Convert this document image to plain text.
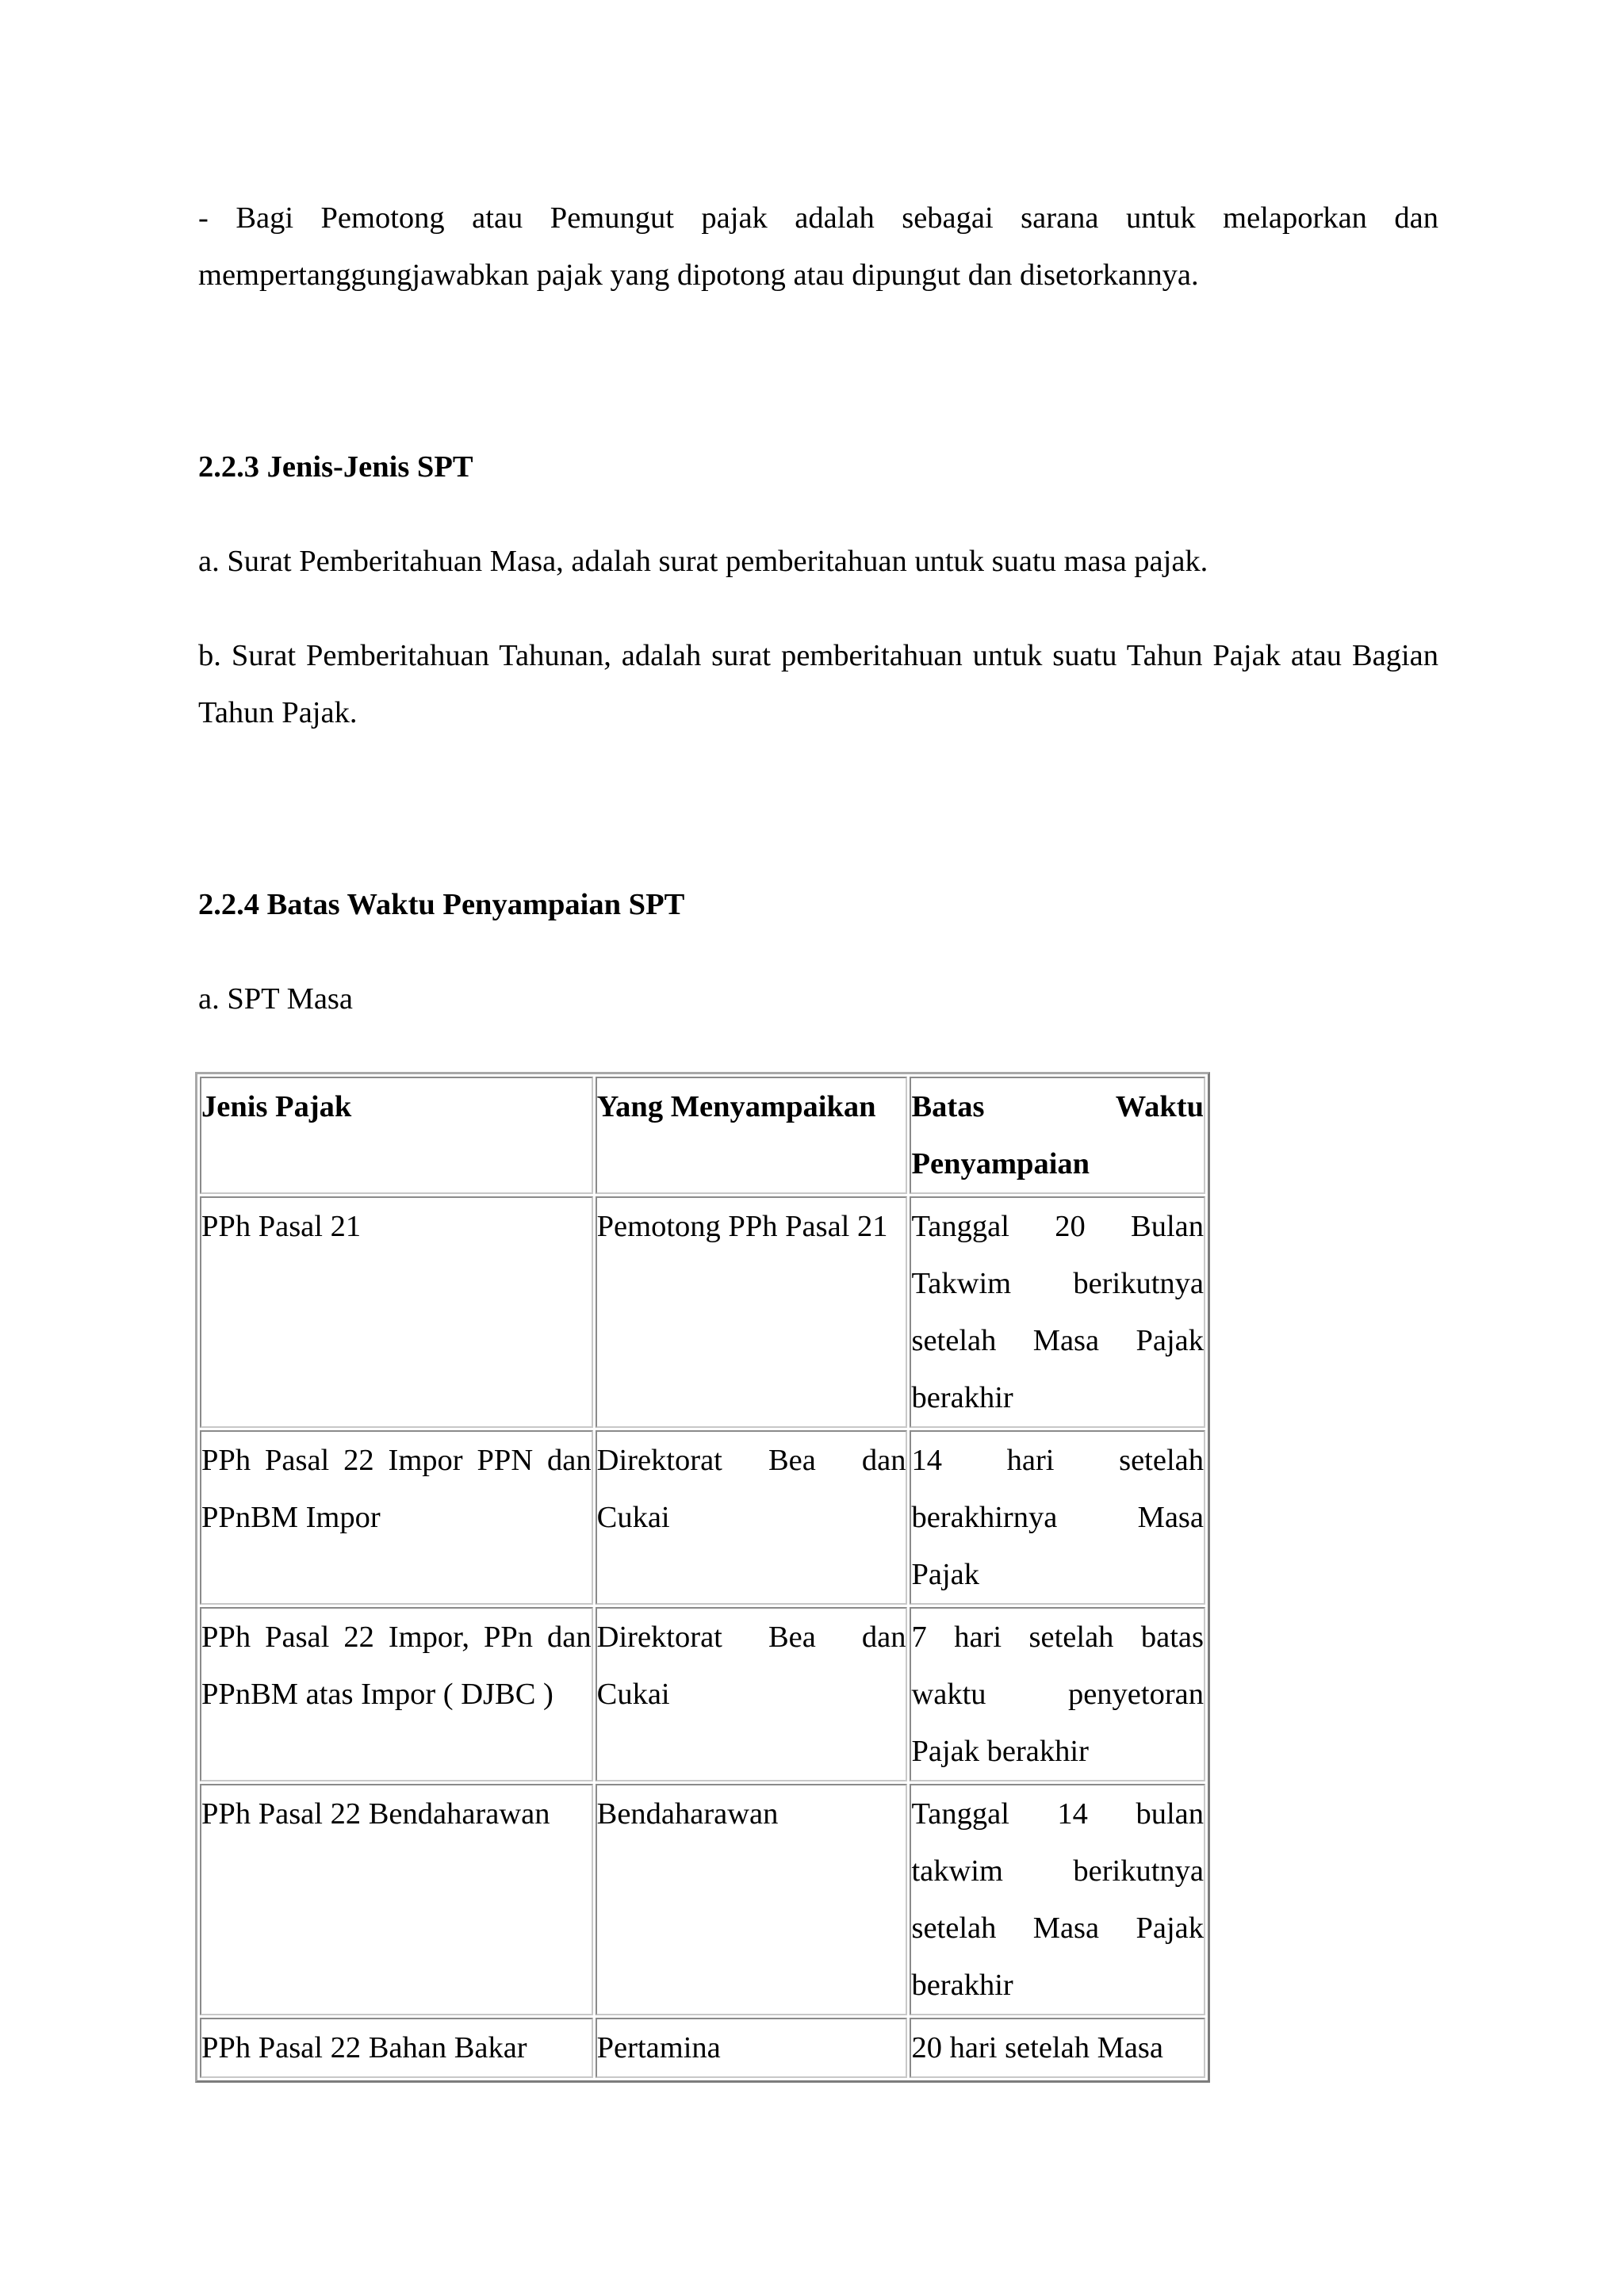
- Bagi Pemotong atau Pemungut pajak adalah sebagai sarana untuk melaporkan dan mempertanggungjawabkan pajak yang dipotong atau dipungut dan disetorkannya.

2.2.3 Jenis-Jenis SPT

a. Surat Pemberitahuan Masa, adalah surat pemberitahuan untuk suatu masa pajak.

b. Surat Pemberitahuan Tahunan, adalah surat pemberitahuan untuk suatu Tahun Pajak atau Bagian Tahun Pajak.

2.2.4 Batas Waktu Penyampaian SPT

a. SPT Masa

Jenis Pajak	Yang Menyampaikan	Batas Waktu Penyampaian
PPh Pasal 21	Pemotong PPh Pasal 21	Tanggal 20 Bulan Takwim berikutnya setelah Masa Pajak berakhir
PPh Pasal 22 Impor PPN dan PPnBM Impor	Direktorat Bea dan Cukai	14 hari setelah berakhirnya Masa Pajak
PPh Pasal 22 Impor, PPn dan PPnBM atas Impor ( DJBC )	Direktorat Bea dan Cukai	7 hari setelah batas waktu penyetoran Pajak berakhir
PPh Pasal 22 Bendaharawan	Bendaharawan	Tanggal 14 bulan takwim berikutnya setelah Masa Pajak berakhir
PPh Pasal 22 Bahan Bakar	Pertamina	20 hari setelah Masa
